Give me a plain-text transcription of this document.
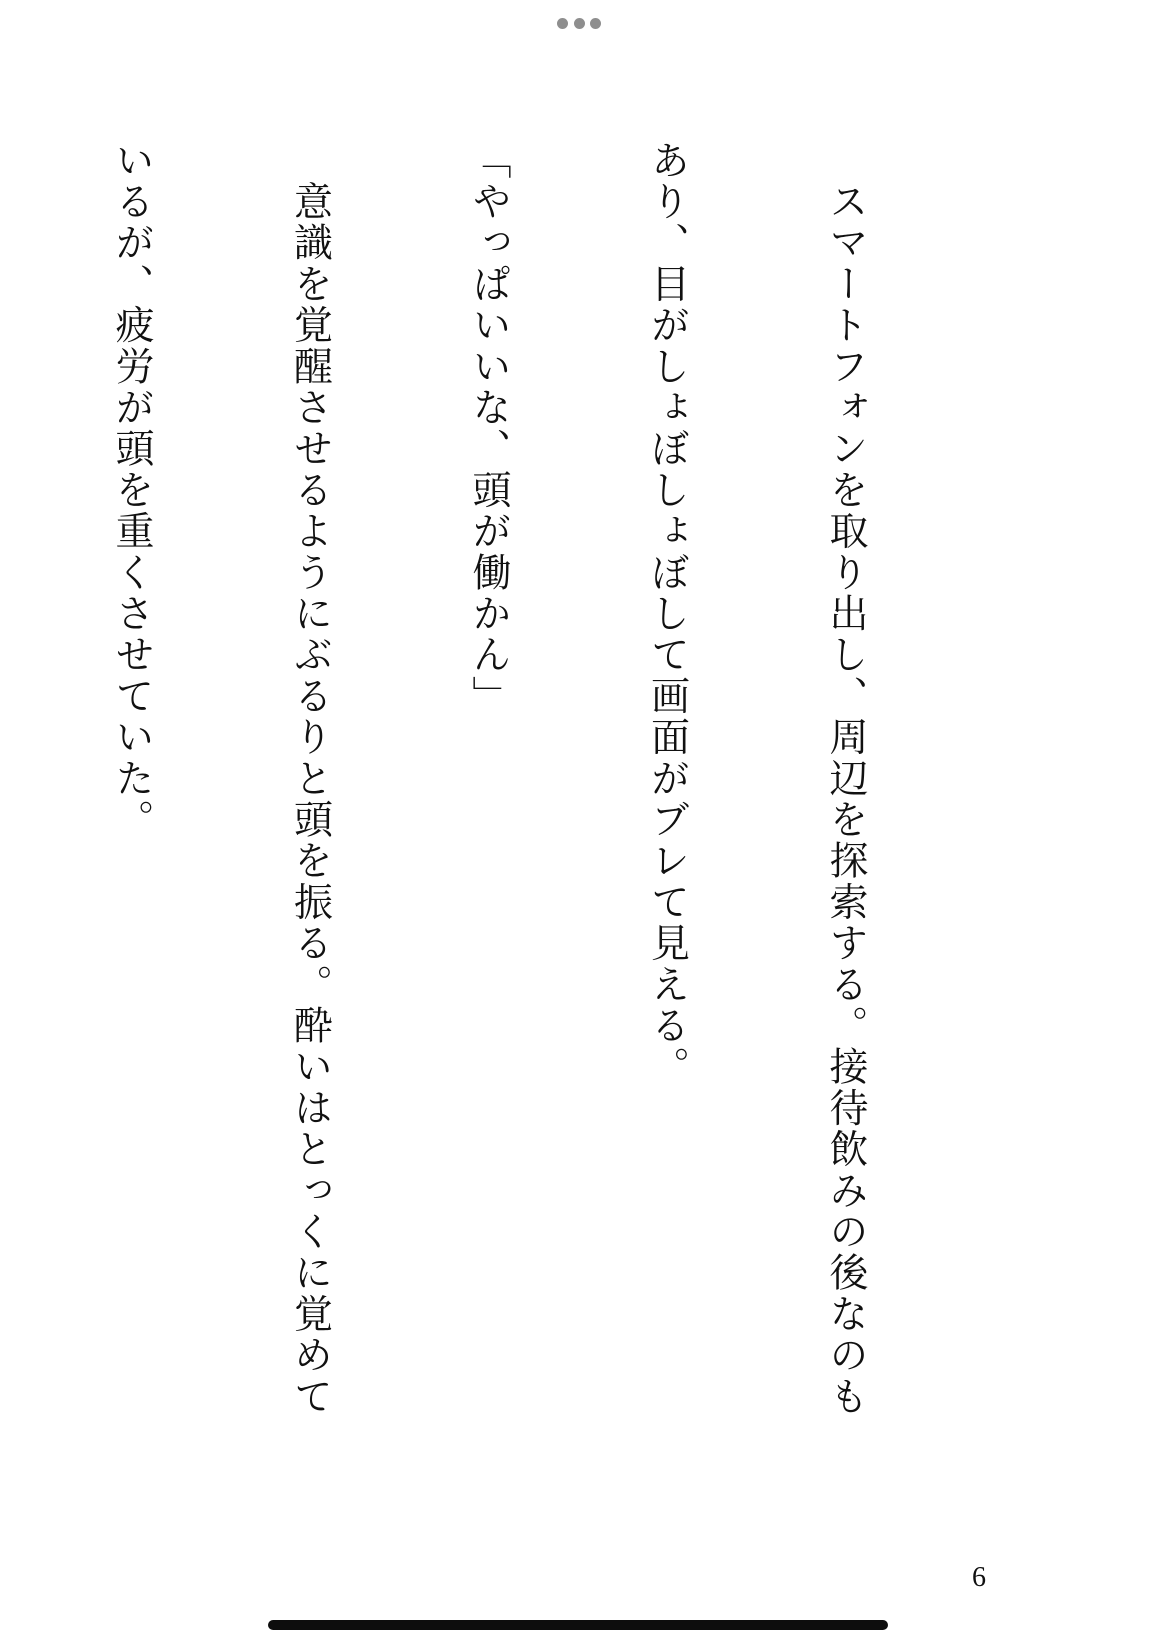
　スマートフォンを取り出し、周辺を探索する。接待飲みの後なのも

あり、目がしょぼしょぼして画面がブレて見える。

「やっぱいいな、頭が働かん」

　意識を覚醒させるようにぶるりと頭を振る。酔いはとっくに覚めて

いるが、疲労が頭を重くさせていた。

6
